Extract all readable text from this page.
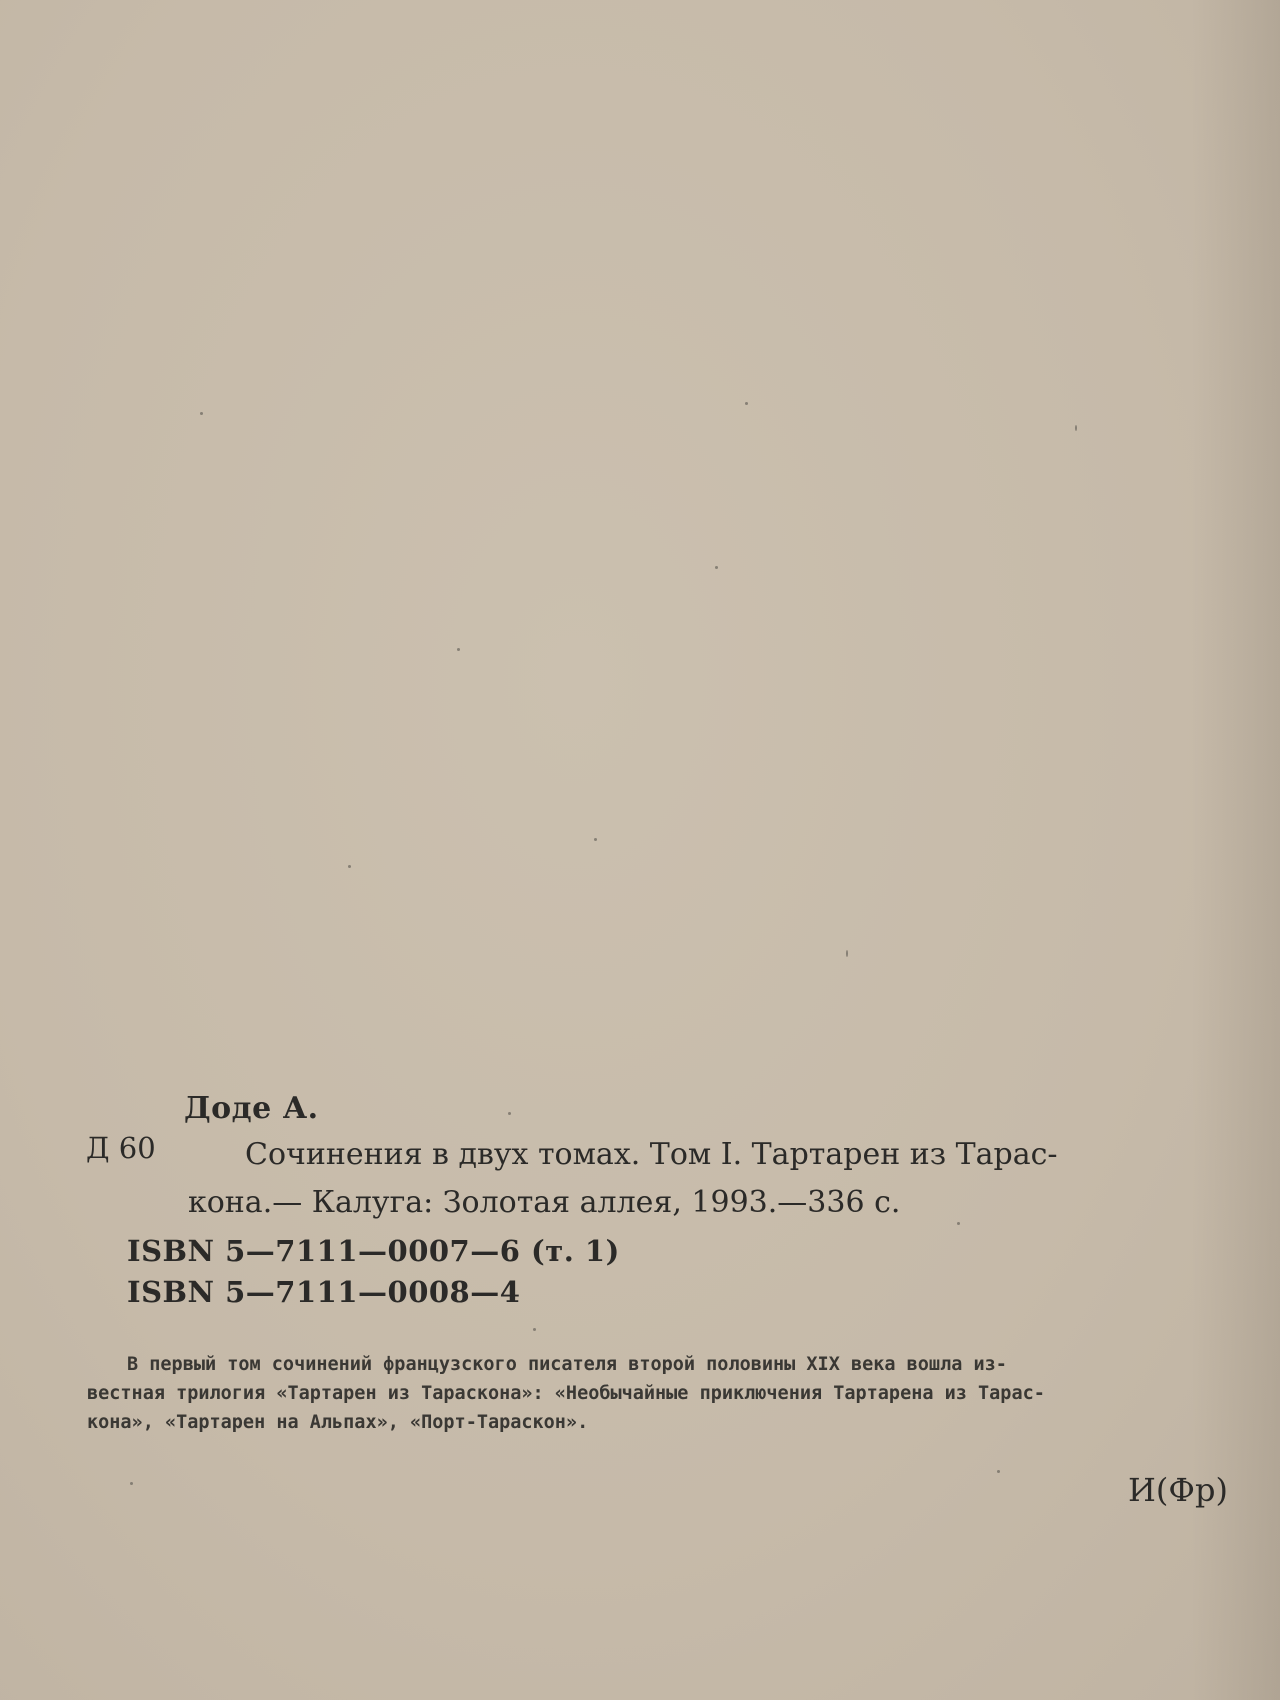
Доде А.
Д 60	Сочинения в двух томах. Том I. Тартарен из Тарас-
кона.— Калуга: Золотая аллея, 1993.—336 с.
ISBN 5—7111—0007—6 (т. 1)
ISBN 5—7111—0008—4
В первый том сочинений французского писателя второй половины XIX века вошла из-
вестная трилогия «Тартарен из Тараскона»: «Необычайные приключения Тартарена из Тарас-
кона», «Тартарен на Альпах», «Порт-Тараскон».
И(Фр)
